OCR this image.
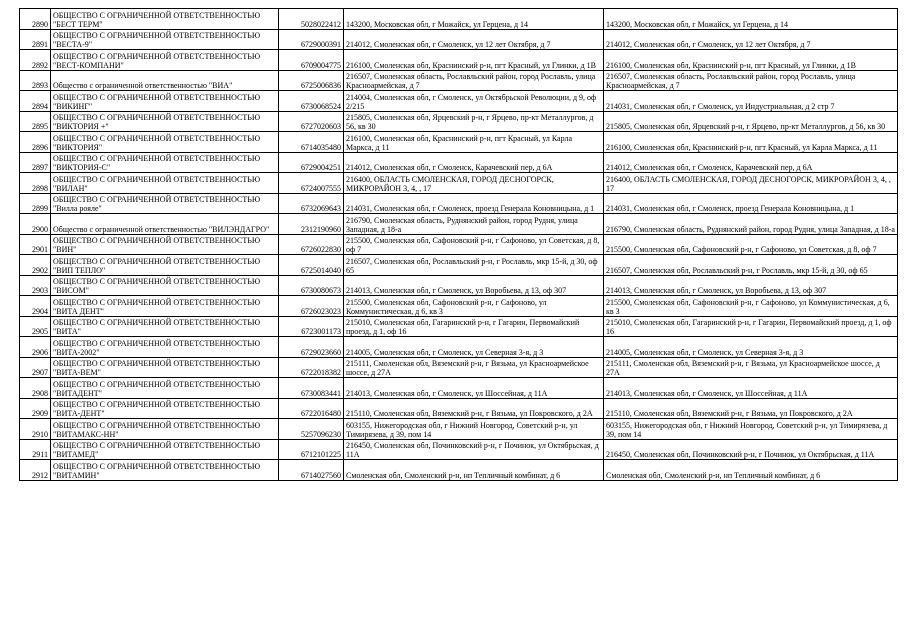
2890	ОБЩЕСТВО С ОГРАНИЧЕННОЙ ОТВЕТСТВЕННОСТЬЮ "БЕСТ ТЕРМ"	5028022412	143200, Московская обл, г Можайск, ул Герцена, д 14	143200, Московская обл, г Можайск, ул Герцена, д 14
2891	ОБЩЕСТВО С ОГРАНИЧЕННОЙ ОТВЕТСТВЕННОСТЬЮ "ВЕСТА-9"	6729000391	214012, Смоленская обл, г Смоленск, ул 12 лет Октября, д 7	214012, Смоленская обл, г Смоленск, ул 12 лет Октября, д 7
2892	ОБЩЕСТВО С ОГРАНИЧЕННОЙ ОТВЕТСТВЕННОСТЬЮ "ВЕСТ-КОМПАНИ"	6709004775	216100, Смоленская обл, Краснинский р-н, пгт Красный, ул Глинки, д 1В	216100, Смоленская обл, Краснинский р-н, пгт Красный, ул Глинки, д 1В
2893	Общество с ограниченной ответственностью "ВИА"	6725006836	216507, Смоленская область, Рославльский район, город Рославль, улица Красноармейская, д 7	216507, Смоленская область, Рославльский район, город Рославль, улица Красноармейская, д 7
2894	ОБЩЕСТВО С ОГРАНИЧЕННОЙ ОТВЕТСТВЕННОСТЬЮ "ВИКИНГ"	6730068524	214004, Смоленская обл, г Смоленск, ул Октябрьской Революции, д 9, оф 2/215	214031, Смоленская обл, г Смоленск, ул Индустриальная, д 2 стр 7
2895	ОБЩЕСТВО С ОГРАНИЧЕННОЙ ОТВЕТСТВЕННОСТЬЮ "ВИКТОРИЯ +"	6727020603	215805, Смоленская обл, Ярцевский р-н, г Ярцево, пр-кт Металлургов, д 56, кв 30	215805, Смоленская обл, Ярцевский р-н, г Ярцево, пр-кт Металлургов, д 56, кв 30
2896	ОБЩЕСТВО С ОГРАНИЧЕННОЙ ОТВЕТСТВЕННОСТЬЮ "ВИКТОРИЯ"	6714035480	216100, Смоленская обл, Краснинский р-н, пгт Красный, ул Карла Маркса, д 11	216100, Смоленская обл, Краснинский р-н, пгт Красный, ул Карла Маркса, д 11
2897	ОБЩЕСТВО С ОГРАНИЧЕННОЙ ОТВЕТСТВЕННОСТЬЮ "ВИКТОРИЯ-С"	6729004251	214012, Смоленская обл, г Смоленск, Карачевский пер, д 6А	214012, Смоленская обл, г Смоленск, Карачевский пер, д 6А
2898	ОБЩЕСТВО С ОГРАНИЧЕННОЙ ОТВЕТСТВЕННОСТЬЮ "ВИЛАН"	6724007555	216400, ОБЛАСТЬ СМОЛЕНСКАЯ, ГОРОД ДЕСНОГОРСК, МИКРОРАЙОН 3, 4, , 17	216400, ОБЛАСТЬ СМОЛЕНСКАЯ, ГОРОД ДЕСНОГОРСК, МИКРОРАЙОН 3, 4, , 17
2899	ОБЩЕСТВО С ОГРАНИЧЕННОЙ ОТВЕТСТВЕННОСТЬЮ "Вилла рояле"	6732069643	214031, Смоленская обл, г Смоленск, проезд Генерала Коновницына, д 1	214031, Смоленская обл, г Смоленск, проезд Генерала Коновницына, д 1
2900	Общество с ограниченной ответственностью "ВИЛЭНДАГРО"	2312190960	216790, Смоленская область, Руднянский район, город Рудня, улица Западная, д 18-а	216790, Смоленская область, Руднянский район, город Рудня, улица Западная, д 18-а
2901	ОБЩЕСТВО С ОГРАНИЧЕННОЙ ОТВЕТСТВЕННОСТЬЮ "ВИН"	6726022830	215500, Смоленская обл, Сафоновский р-н, г Сафоново, ул Советская, д 8, оф 7	215500, Смоленская обл, Сафоновский р-н, г Сафоново, ул Советская, д 8, оф 7
2902	ОБЩЕСТВО С ОГРАНИЧЕННОЙ ОТВЕТСТВЕННОСТЬЮ "ВИП ТЕПЛО"	6725014040	216507, Смоленская обл, Рославльский р-н, г Рославль, мкр 15-й, д 30, оф 65	216507, Смоленская обл, Рославльский р-н, г Рославль, мкр 15-й, д 30, оф 65
2903	ОБЩЕСТВО С ОГРАНИЧЕННОЙ ОТВЕТСТВЕННОСТЬЮ "ВИСОМ"	6730080673	214013, Смоленская обл, г Смоленск, ул Воробьева, д 13, оф 307	214013, Смоленская обл, г Смоленск, ул Воробьева, д 13, оф 307
2904	ОБЩЕСТВО С ОГРАНИЧЕННОЙ ОТВЕТСТВЕННОСТЬЮ "ВИТА ДЕНТ"	6726023023	215500, Смоленская обл, Сафоновский р-н, г Сафоново, ул Коммунистическая, д 6, кв 3	215500, Смоленская обл, Сафоновский р-н, г Сафоново, ул Коммунистическая, д 6, кв 3
2905	ОБЩЕСТВО С ОГРАНИЧЕННОЙ ОТВЕТСТВЕННОСТЬЮ "ВИТА"	6723001173	215010, Смоленская обл, Гагаринский р-н, г Гагарин, Первомайский проезд, д 1, оф 16	215010, Смоленская обл, Гагаринский р-н, г Гагарин, Первомайский проезд, д 1, оф 16
2906	ОБЩЕСТВО С ОГРАНИЧЕННОЙ ОТВЕТСТВЕННОСТЬЮ "ВИТА-2002"	6729023660	214005, Смоленская обл, г Смоленск, ул Северная 3-я, д 3	214005, Смоленская обл, г Смоленск, ул Северная 3-я, д 3
2907	ОБЩЕСТВО С ОГРАНИЧЕННОЙ ОТВЕТСТВЕННОСТЬЮ "ВИТА-ВЕМ"	6722018382	215111, Смоленская обл, Вяземский р-н, г Вязьма, ул Красноармейское шоссе, д 27А	215111, Смоленская обл, Вяземский р-н, г Вязьма, ул Красноармейское шоссе, д 27А
2908	ОБЩЕСТВО С ОГРАНИЧЕННОЙ ОТВЕТСТВЕННОСТЬЮ "ВИТАДЕНТ"	6730083441	214013, Смоленская обл, г Смоленск, ул Шоссейная, д 11А	214013, Смоленская обл, г Смоленск, ул Шоссейная, д 11А
2909	ОБЩЕСТВО С ОГРАНИЧЕННОЙ ОТВЕТСТВЕННОСТЬЮ "ВИТА-ДЕНТ"	6722016480	215110, Смоленская обл, Вяземский р-н, г Вязьма, ул Покровского, д 2А	215110, Смоленская обл, Вяземский р-н, г Вязьма, ул Покровского, д 2А
2910	ОБЩЕСТВО С ОГРАНИЧЕННОЙ ОТВЕТСТВЕННОСТЬЮ "ВИТАМАКС-НН"	5257096230	603155, Нижегородская обл, г Нижний Новгород, Советский р-н, ул Тимирязева, д 39, пом 14	603155, Нижегородская обл, г Нижний Новгород, Советский р-н, ул Тимирязева, д 39, пом 14
2911	ОБЩЕСТВО С ОГРАНИЧЕННОЙ ОТВЕТСТВЕННОСТЬЮ "ВИТАМЕД"	6712101225	216450, Смоленская обл, Починковский р-н, г Починок, ул Октябрьская, д 11А	216450, Смоленская обл, Починковский р-н, г Починок, ул Октябрьская, д 11А
2912	ОБЩЕСТВО С ОГРАНИЧЕННОЙ ОТВЕТСТВЕННОСТЬЮ "ВИТАМИН"	6714027560	Смоленская обл, Смоленский р-н, нп Тепличный комбинат, д 6	Смоленская обл, Смоленский р-н, нп Тепличный комбинат, д 6
